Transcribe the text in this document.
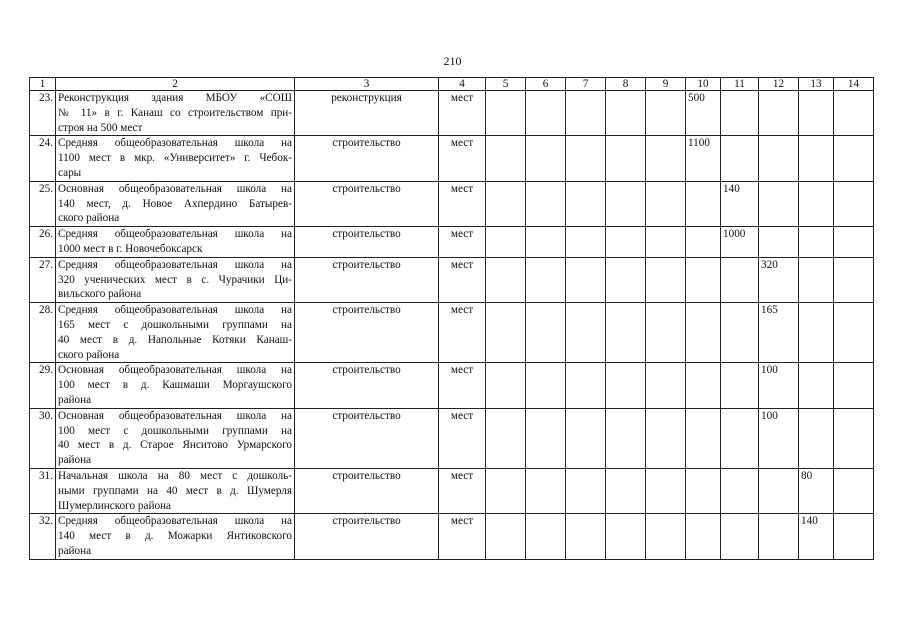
210
1	2	3	4	5	6	7	8	9	10	11	12	13	14
23.	Реконструкция здания МБОУ «СОШ
№ 11» в г. Канаш со строительством при-
строя на 500 мест	реконструкция	мест						500				
24.	Средняя общеобразовательная школа на
1100 мест в мкр. «Университет» г. Чебок-
сары	строительство	мест						1100				
25.	Основная общеобразовательная школа на
140 мест, д. Новое Ахпердино Батырев-
ского района	строительство	мест							140			
26.	Средняя общеобразовательная школа на
1000 мест в г. Новочебоксарск	строительство	мест							1000			
27.	Средняя общеобразовательная школа на
320 ученических мест в с. Чурачики Ци-
вильского района	строительство	мест								320		
28.	Средняя общеобразовательная школа на
165 мест с дошкольными группами на
40 мест в д. Напольные Котяки Канаш-
ского района	строительство	мест								165		
29.	Основная общеобразовательная школа на
100 мест в д. Кашмаши Моргаушского
района	строительство	мест								100		
30.	Основная общеобразовательная школа на
100 мест с дошкольными группами на
40 мест в д. Старое Янситово Урмарского
района	строительство	мест								100		
31.	Начальная школа на 80 мест с дошколь-
ными группами на 40 мест в д. Шумерля
Шумерлинского района	строительство	мест									80	
32.	Средняя общеобразовательная школа на
140 мест в д. Можарки Янтиковского
района	строительство	мест									140	
